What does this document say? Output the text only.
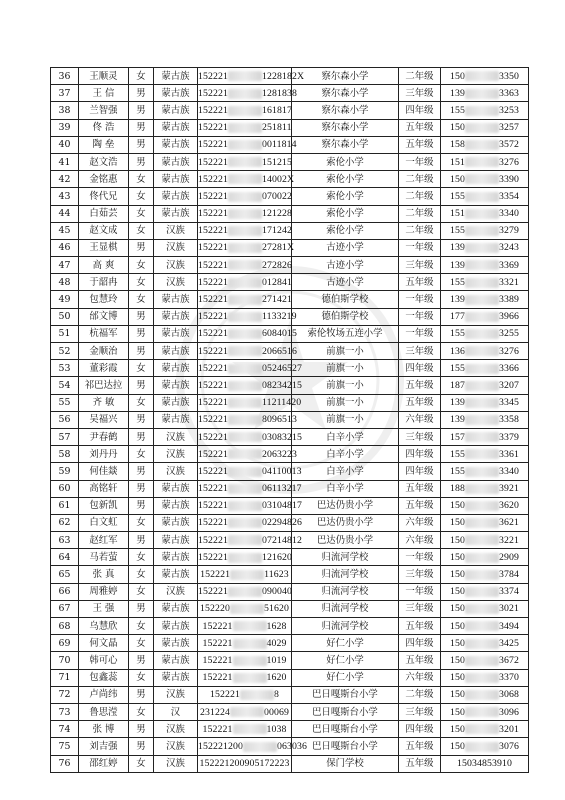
36	王顺灵	女	蒙古族	152221 1228182X	察尔森小学	二年级	150 3350
37	王 信	男	蒙古族	152221 1281838	察尔森小学	三年级	139 3363
38	兰智强	男	蒙古族	152221 161817	察尔森小学	四年级	155 3253
39	佟 浩	男	蒙古族	152221 251811	察尔森小学	五年级	150 3257
40	陶 垒	男	蒙古族	152221 0011814	察尔森小学	五年级	158 3572
41	赵文浩	男	蒙古族	152221 151215	索伦小学	一年级	151 3276
42	金铭惠	女	蒙古族	152221 14002X	索伦小学	二年级	150 3390
43	佟代兄	女	蒙古族	152221 070022	索伦小学	二年级	155 3354
44	白茹芸	女	蒙古族	152221 121228	索伦小学	二年级	151 3340
45	赵文成	女	汉族	152221 171242	索伦小学	二年级	155 3279
46	王显棋	男	汉族	152221 27281X	古迹小学	一年级	139 3243
47	高 爽	女	汉族	152221 272826	古迹小学	三年级	139 3369
48	于韶冉	女	汉族	152221 012841	古迹小学	五年级	155 3321
49	包慧玲	女	蒙古族	152221 271421	德伯斯学校	一年级	139 3389
50	邰文博	男	蒙古族	152221 1133219	德伯斯学校	一年级	177 3966
51	杭福军	男	蒙古族	152221 6084015	索伦牧场五连小学	一年级	155 3255
52	金顺治	男	蒙古族	152221 2066516	前旗一小	三年级	136 3276
53	董彩霞	女	蒙古族	152221 05246527	前旗一小	四年级	155 3366
54	祁巴达拉	男	蒙古族	152221 08234215	前旗一小	五年级	187 3207
55	齐 敏	女	蒙古族	152221 11211420	前旗一小	五年级	139 3345
56	吴福兴	男	蒙古族	152221 8096513	前旗一小	六年级	139 3358
57	尹春鹤	男	汉族	152221 03083215	白辛小学	三年级	157 3379
58	刘丹丹	女	汉族	152221 2063223	白辛小学	四年级	155 3361
59	何佳燚	男	汉族	152221 04110013	白辛小学	四年级	155 3340
60	高铭轩	男	蒙古族	152221 06113217	白辛小学	五年级	188 3921
61	包新凯	男	蒙古族	152221 03104817	巴达仍贵小学	五年级	150 3620
62	白文虹	女	蒙古族	152221 02294826	巴达仍贵小学	六年级	150 3621
63	赵红军	男	蒙古族	152221 07214812	巴达仍贵小学	六年级	150 3221
64	马若萤	女	蒙古族	152221 121620	归流河学校	一年级	150 2909
65	张 真	女	蒙古族	152221 11623	归流河学校	三年级	150 3784
66	周雅婷	女	汉族	152221 090040	归流河学校	一年级	150 3374
67	王 强	男	蒙古族	152220 51620	归流河学校	三年级	150 3021
68	乌慧欣	女	蒙古族	152221 1628	归流河学校	五年级	150 3494
69	何文晶	女	蒙古族	152221 4029	好仁小学	四年级	150 3425
70	韩可心	男	蒙古族	152221 1019	好仁小学	五年级	150 3672
71	包鑫蕊	女	蒙古族	152221 1620	好仁小学	六年级	150 3370
72	卢尚纬	男	汉族	152221 8	巴日嘎斯台小学	二年级	150 3068
73	鲁思滢	女	汉	231224 00069	巴日嘎斯台小学	三年级	150 3096
74	张 博	男	汉族	152221 1038	巴日嘎斯台小学	四年级	150 3201
75	刘吉强	男	汉族	152221200 063036	巴日嘎斯台小学	五年级	150 3076
76	邵红婷	女	汉族	152221200905172223	保门学校	五年级	15034853910
